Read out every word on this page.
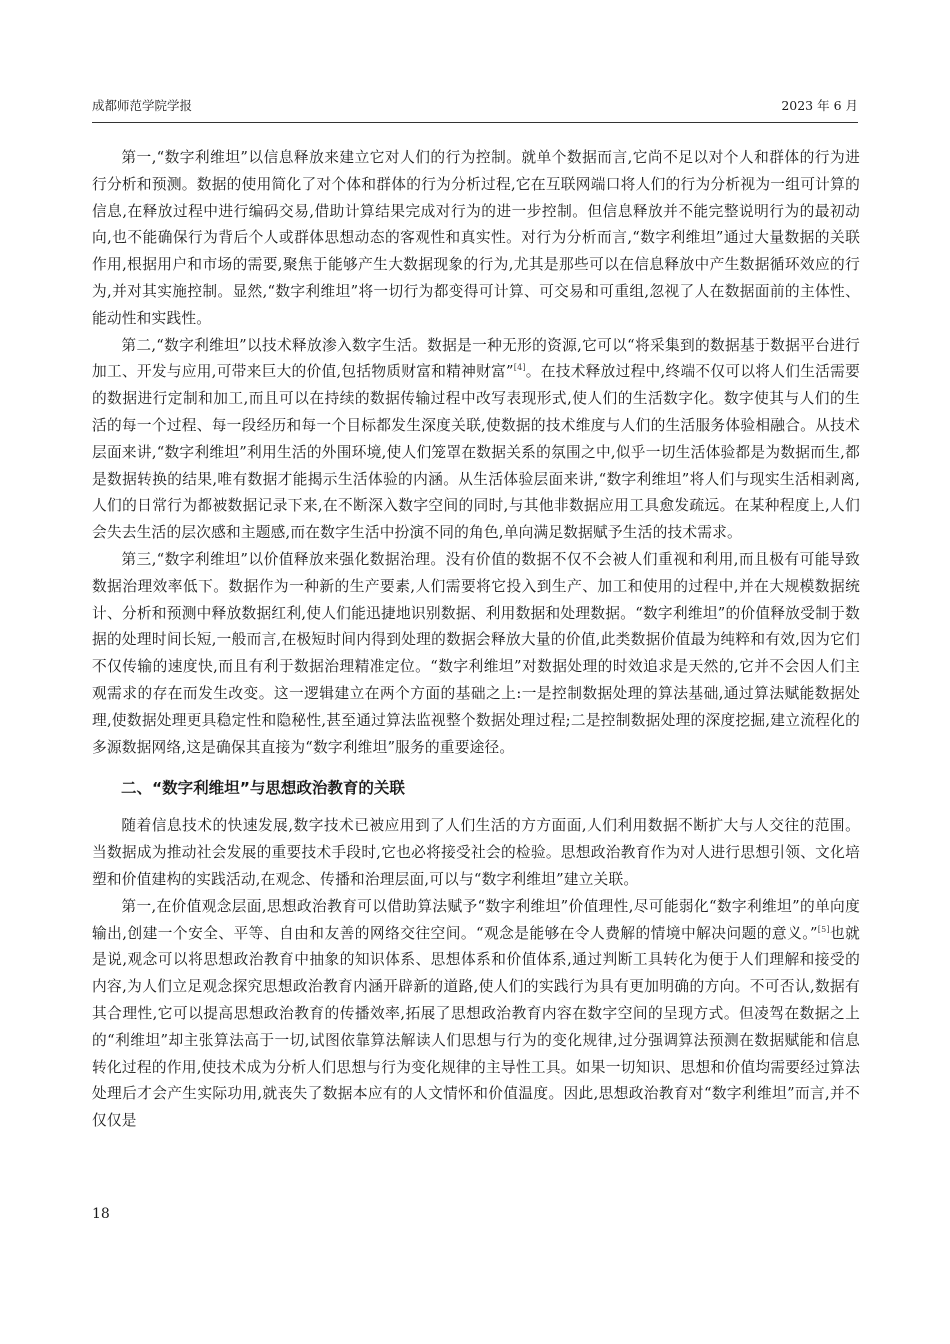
成都师范学院学报	2023 年 6 月

第一,“数字利维坦”以信息释放来建立它对人们的行为控制。就单个数据而言,它尚不足以对个人和群体的行为进行分析和预测。数据的使用简化了对个体和群体的行为分析过程,它在互联网端口将人们的行为分析视为一组可计算的信息,在释放过程中进行编码交易,借助计算结果完成对行为的进一步控制。但信息释放并不能完整说明行为的最初动向,也不能确保行为背后个人或群体思想动态的客观性和真实性。对行为分析而言,“数字利维坦”通过大量数据的关联作用,根据用户和市场的需要,聚焦于能够产生大数据现象的行为,尤其是那些可以在信息释放中产生数据循环效应的行为,并对其实施控制。显然,“数字利维坦”将一切行为都变得可计算、可交易和可重组,忽视了人在数据面前的主体性、能动性和实践性。

第二,“数字利维坦”以技术释放渗入数字生活。数据是一种无形的资源,它可以“将采集到的数据基于数据平台进行加工、开发与应用,可带来巨大的价值,包括物质财富和精神财富”[4]。在技术释放过程中,终端不仅可以将人们生活需要的数据进行定制和加工,而且可以在持续的数据传输过程中改写表现形式,使人们的生活数字化。数字使其与人们的生活的每一个过程、每一段经历和每一个目标都发生深度关联,使数据的技术维度与人们的生活服务体验相融合。从技术层面来讲,“数字利维坦”利用生活的外围环境,使人们笼罩在数据关系的氛围之中,似乎一切生活体验都是为数据而生,都是数据转换的结果,唯有数据才能揭示生活体验的内涵。从生活体验层面来讲,“数字利维坦”将人们与现实生活相剥离,人们的日常行为都被数据记录下来,在不断深入数字空间的同时,与其他非数据应用工具愈发疏远。在某种程度上,人们会失去生活的层次感和主题感,而在数字生活中扮演不同的角色,单向满足数据赋予生活的技术需求。

第三,“数字利维坦”以价值释放来强化数据治理。没有价值的数据不仅不会被人们重视和利用,而且极有可能导致数据治理效率低下。数据作为一种新的生产要素,人们需要将它投入到生产、加工和使用的过程中,并在大规模数据统计、分析和预测中释放数据红利,使人们能迅捷地识别数据、利用数据和处理数据。“数字利维坦”的价值释放受制于数据的处理时间长短,一般而言,在极短时间内得到处理的数据会释放大量的价值,此类数据价值最为纯粹和有效,因为它们不仅传输的速度快,而且有利于数据治理精准定位。“数字利维坦”对数据处理的时效追求是天然的,它并不会因人们主观需求的存在而发生改变。这一逻辑建立在两个方面的基础之上:一是控制数据处理的算法基础,通过算法赋能数据处理,使数据处理更具稳定性和隐秘性,甚至通过算法监视整个数据处理过程;二是控制数据处理的深度挖掘,建立流程化的多源数据网络,这是确保其直接为“数字利维坦”服务的重要途径。

二、“数字利维坦”与思想政治教育的关联

随着信息技术的快速发展,数字技术已被应用到了人们生活的方方面面,人们利用数据不断扩大与人交往的范围。当数据成为推动社会发展的重要技术手段时,它也必将接受社会的检验。思想政治教育作为对人进行思想引领、文化培塑和价值建构的实践活动,在观念、传播和治理层面,可以与“数字利维坦”建立关联。

第一,在价值观念层面,思想政治教育可以借助算法赋予“数字利维坦”价值理性,尽可能弱化“数字利维坦”的单向度输出,创建一个安全、平等、自由和友善的网络交往空间。“观念是能够在令人费解的情境中解决问题的意义。”[5]也就是说,观念可以将思想政治教育中抽象的知识体系、思想体系和价值体系,通过判断工具转化为便于人们理解和接受的内容,为人们立足观念探究思想政治教育内涵开辟新的道路,使人们的实践行为具有更加明确的方向。不可否认,数据有其合理性,它可以提高思想政治教育的传播效率,拓展了思想政治教育内容在数字空间的呈现方式。但凌驾在数据之上的“利维坦”却主张算法高于一切,试图依靠算法解读人们思想与行为的变化规律,过分强调算法预测在数据赋能和信息转化过程的作用,使技术成为分析人们思想与行为变化规律的主导性工具。如果一切知识、思想和价值均需要经过算法处理后才会产生实际功用,就丧失了数据本应有的人文情怀和价值温度。因此,思想政治教育对“数字利维坦”而言,并不仅仅是

18
